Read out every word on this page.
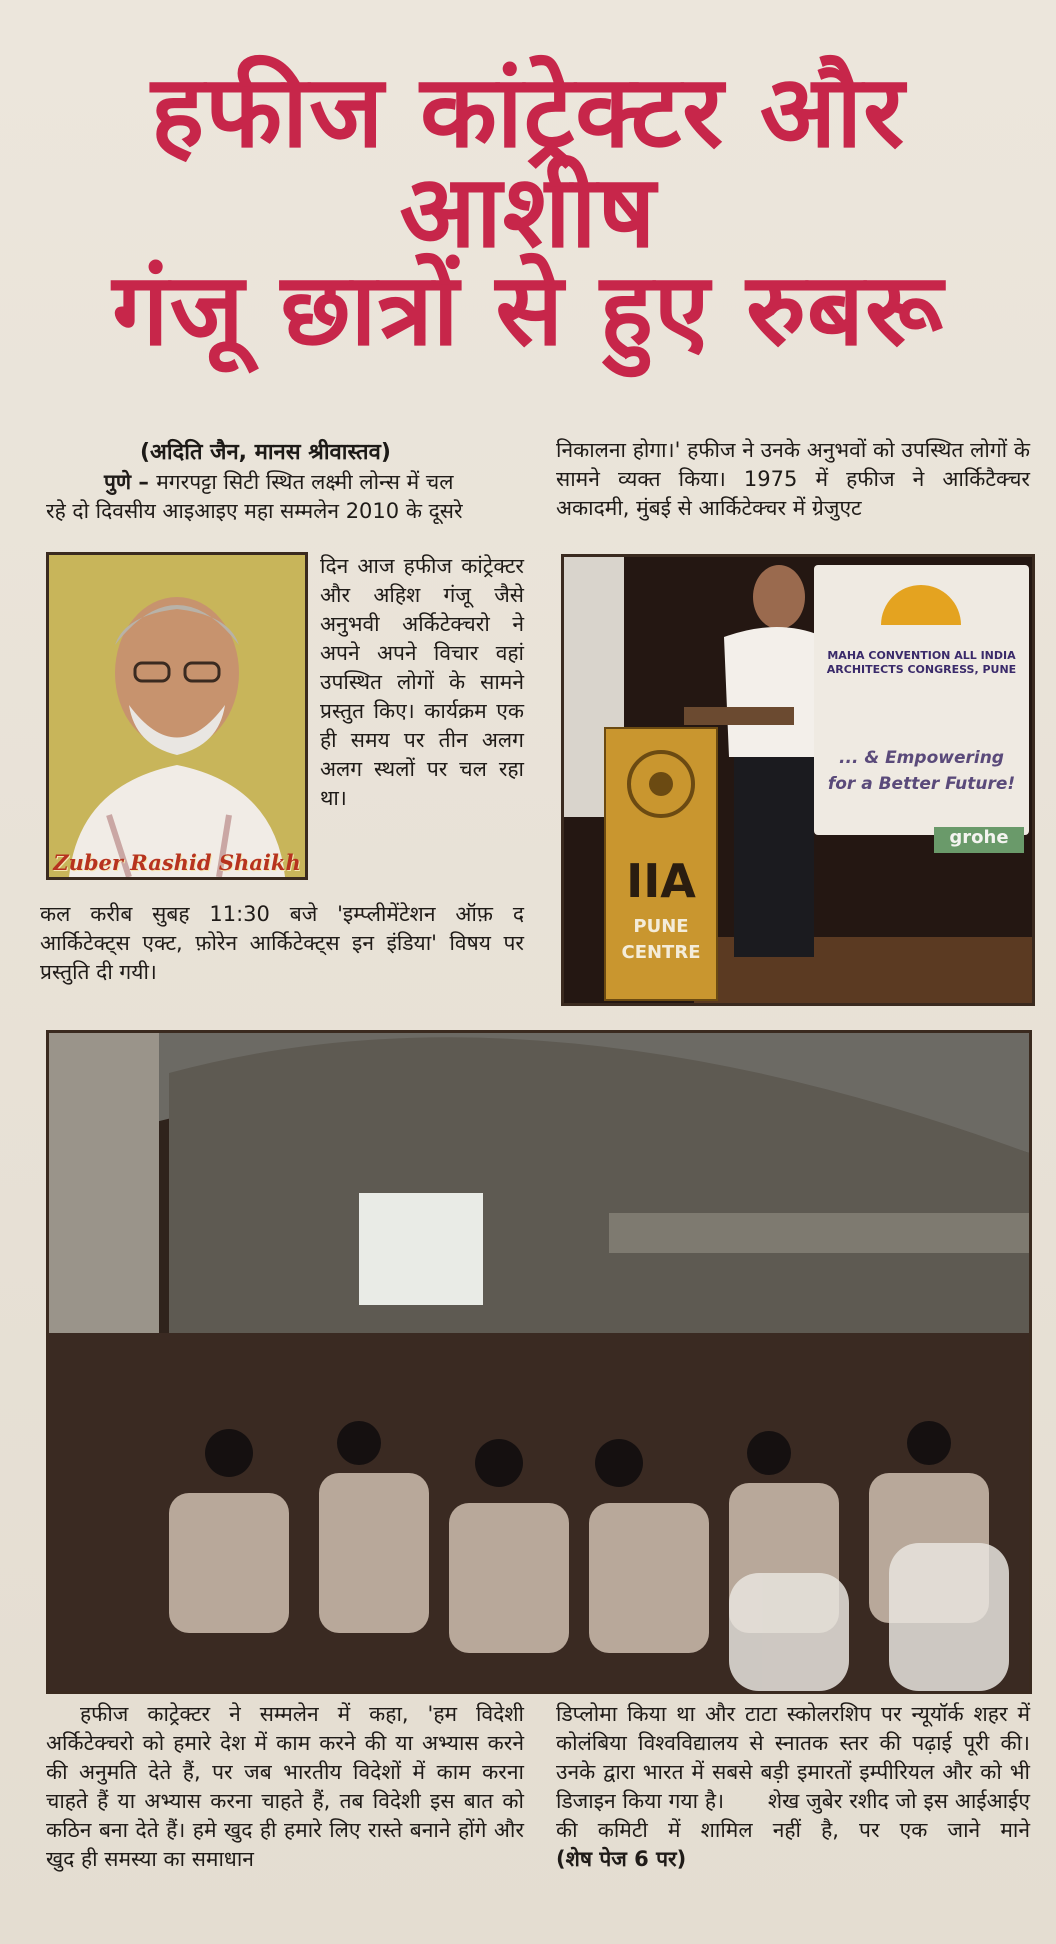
हफीज कांट्रेक्टर और आशीष
गंजू छात्रों से हुए रुबरू
(अदिति जैन, मानस श्रीवास्तव)
पुणे – मगरपट्टा सिटी स्थित लक्ष्मी लोन्स में चल
रहे दो दिवसीय आइआइए महा सम्मलेन 2010 के दूसरे
Zuber Rashid Shaikh
दिन आज हफीज कांट्रेक्टर और अहिश गंजू जैसे अनुभवी अर्किटेक्चरो ने अपने अपने विचार वहां उपस्थित लोगों के सामने प्रस्तुत किए। कार्यक्रम एक ही समय पर तीन अलग अलग स्थलों पर चल रहा था।
कल करीब सुबह 11:30 बजे 'इम्प्लीमेंटेशन ऑफ़ द आर्किटेक्ट्स एक्ट, फ़ोरेन आर्किटेक्ट्स इन इंडिया' विषय पर प्रस्तुति दी गयी।
निकालना होगा।' हफीज ने उनके अनुभवों को उपस्थित लोगों के सामने व्यक्त किया। 1975 में हफीज ने आर्किटैक्चर अकादमी, मुंबई से आर्किटेक्चर में ग्रेजुएट
MAHA CONVENTION ALL INDIA ARCHITECTS CONGRESS, PUNE
... & Empowering for a Better Future!
grohe
IIA
PUNE
CENTRE
हफीज काट्रेक्टर ने सम्मलेन में कहा, 'हम विदेशी अर्किटेक्चरो को हमारे देश में काम करने की या अभ्यास करने की अनुमति देते हैं, पर जब भारतीय विदेशों में काम करना चाहते हैं या अभ्यास करना चाहते हैं, तब विदेशी इस बात को कठिन बना देते हैं। हमे खुद ही हमारे लिए रास्ते बनाने होंगे और खुद ही समस्या का समाधान
डिप्लोमा किया था और टाटा स्कोलरशिप पर न्यूयॉर्क शहर में कोलंबिया विश्वविद्यालय से स्नातक स्तर की पढ़ाई पूरी की। उनके द्वारा भारत में सबसे बड़ी इमारतों इम्पीरियल और को भी डिजाइन किया गया है। शेख जुबेर रशीद जो इस आईआईए की कमिटी में शामिल नहीं है, पर एक जाने माने (शेष पेज 6 पर)
